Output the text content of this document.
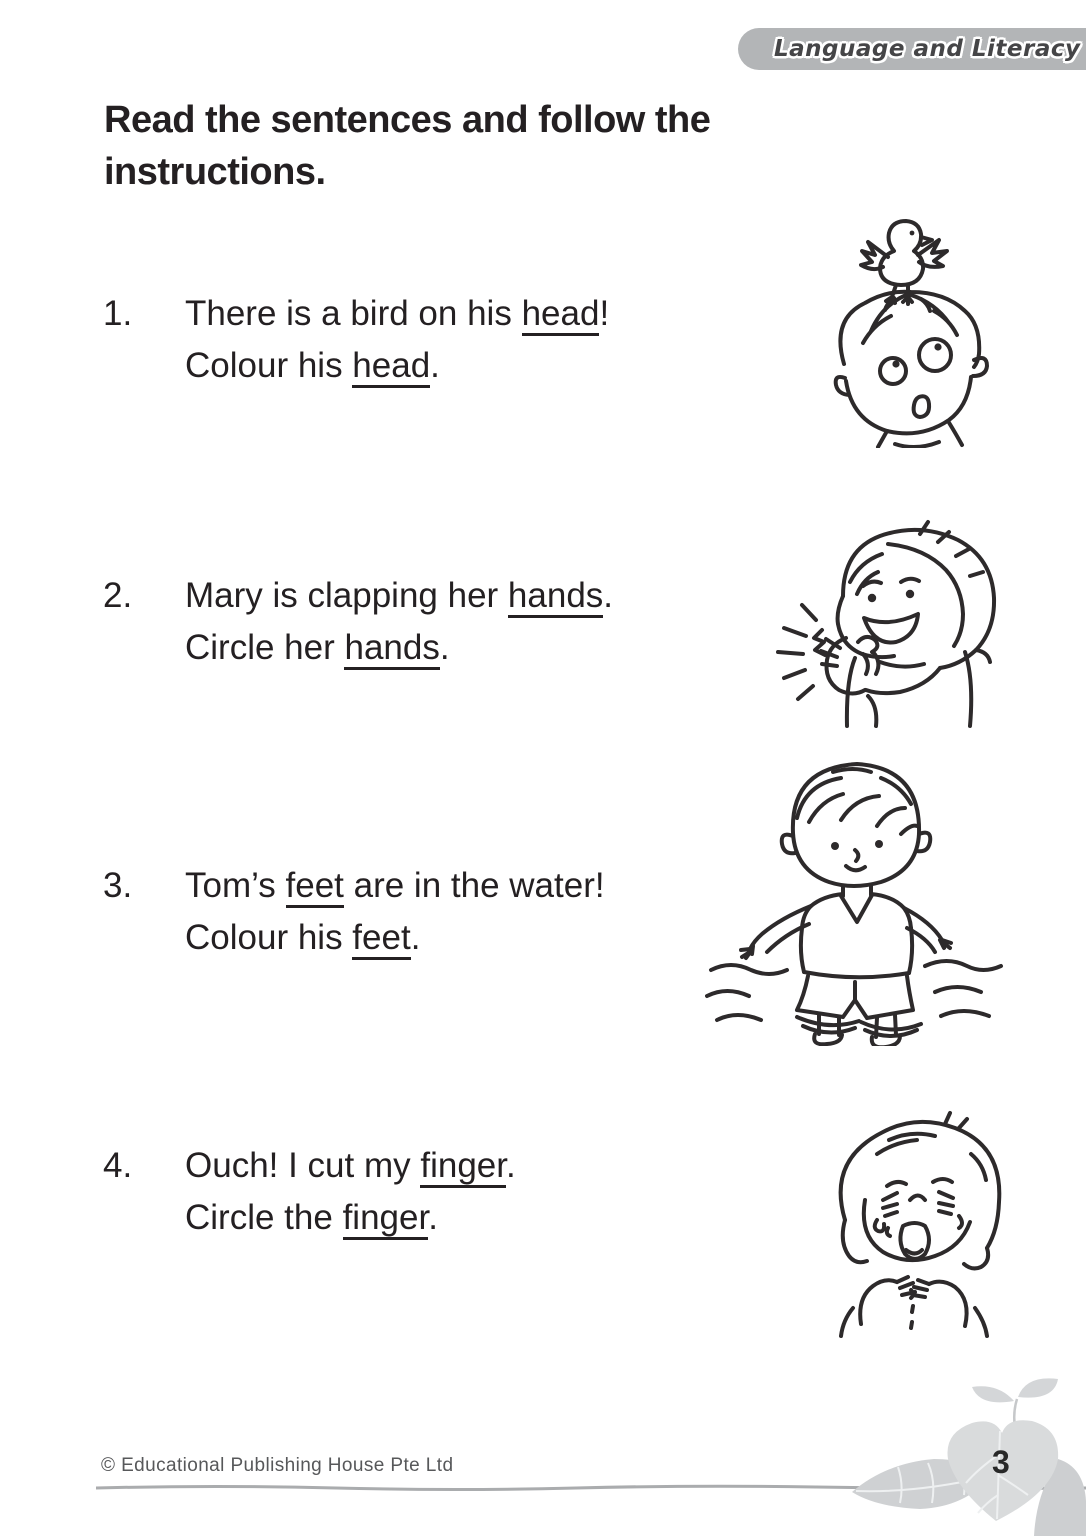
Language and Literacy
Read the sentences and follow the
instructions.
1. There is a bird on his head!
Colour his head.
2. Mary is clapping her hands.
Circle her hands.
3. Tom’s feet are in the water!
Colour his feet.
4. Ouch! I cut my finger.
Circle the finger.
© Educational Publishing House Pte Ltd	3
